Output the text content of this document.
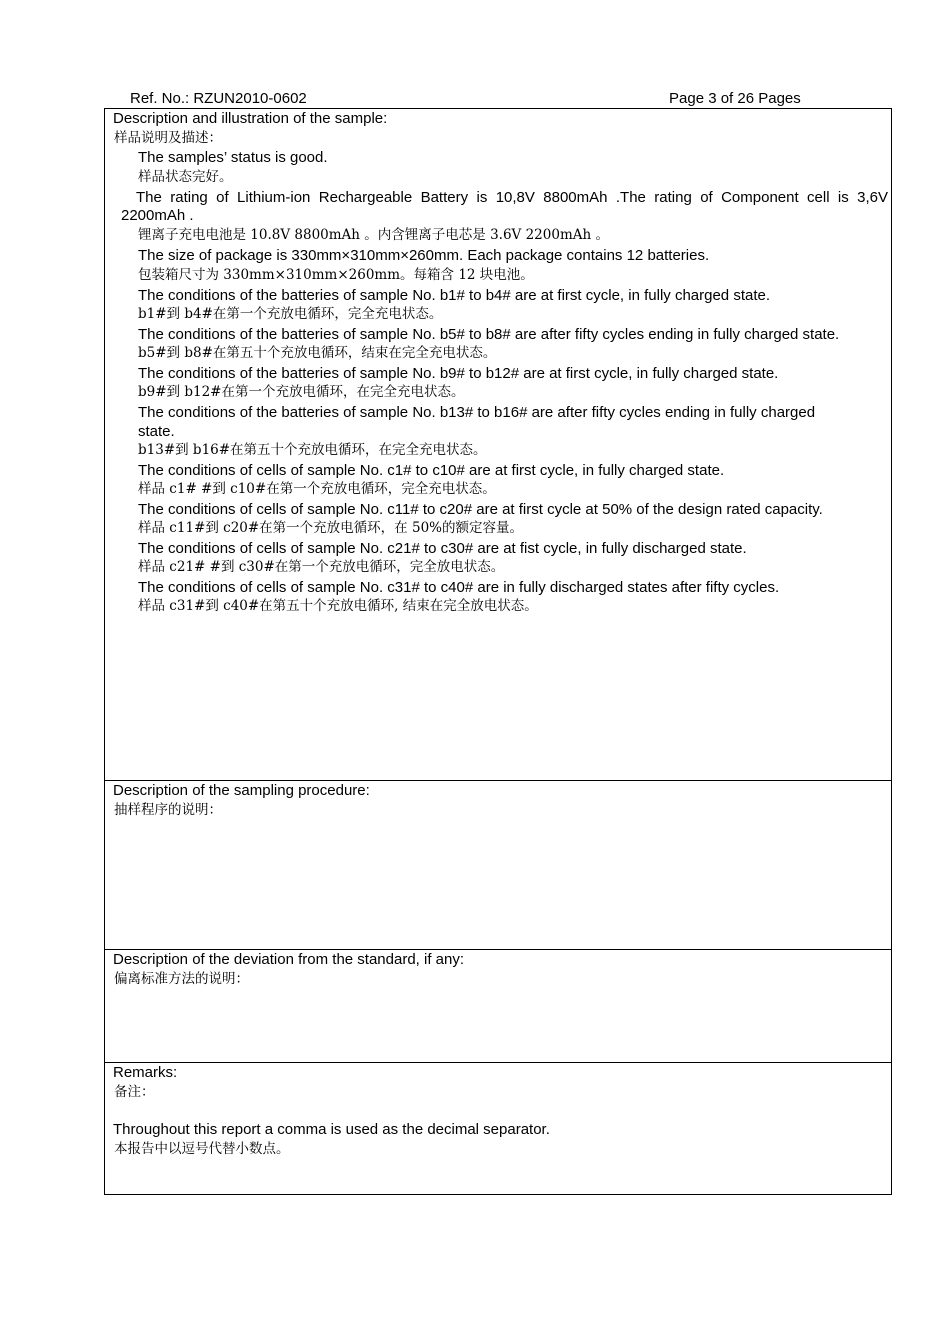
Ref. No.: RZUN2010-0602	Page 3 of 26 Pages
Description and illustration of the sample:
样品说明及描述：
The samples’ status is good.
样品状态完好。
The rating of Lithium-ion Rechargeable Battery is 10,8V 8800mAh .The rating of Component cell is 3,6V
2200mAh .
锂离子充电电池是 10.8V 8800mAh 。内含锂离子电芯是 3.6V 2200mAh 。
The size of package is 330mm×310mm×260mm. Each package contains 12 batteries.
包装箱尺寸为 330mm×310mm×260mm。每箱含 12 块电池。
The conditions of the batteries of sample No. b1# to b4# are at first cycle, in fully charged state.
b1#到 b4#在第一个充放电循环，完全充电状态。
The conditions of the batteries of sample No. b5# to b8# are after fifty cycles ending in fully charged state.
b5#到 b8#在第五十个充放电循环，结束在完全充电状态。
The conditions of the batteries of sample No. b9# to b12# are at first cycle, in fully charged state.
b9#到 b12#在第一个充放电循环，在完全充电状态。
The conditions of the batteries of sample No. b13# to b16# are after fifty cycles ending in fully charged
state.
b13#到 b16#在第五十个充放电循环，在完全充电状态。
The conditions of cells of sample No. c1# to c10# are at first cycle, in fully charged state.
样品 c1# #到 c10#在第一个充放电循环，完全充电状态。
The conditions of cells of sample No. c11# to c20# are at first cycle at 50% of the design rated capacity.
样品 c11#到 c20#在第一个充放电循环，在 50%的额定容量。
The conditions of cells of sample No. c21# to c30# are at fist cycle, in fully discharged state.
样品 c21# #到 c30#在第一个充放电循环，完全放电状态。
The conditions of cells of sample No. c31# to c40# are in fully discharged states after fifty cycles.
样品 c31#到 c40#在第五十个充放电循环, 结束在完全放电状态。
Description of the sampling procedure:
抽样程序的说明：
Description of the deviation from the standard, if any:
偏离标准方法的说明：
Remarks:
备注：
Throughout this report a comma is used as the decimal separator.
本报告中以逗号代替小数点。
